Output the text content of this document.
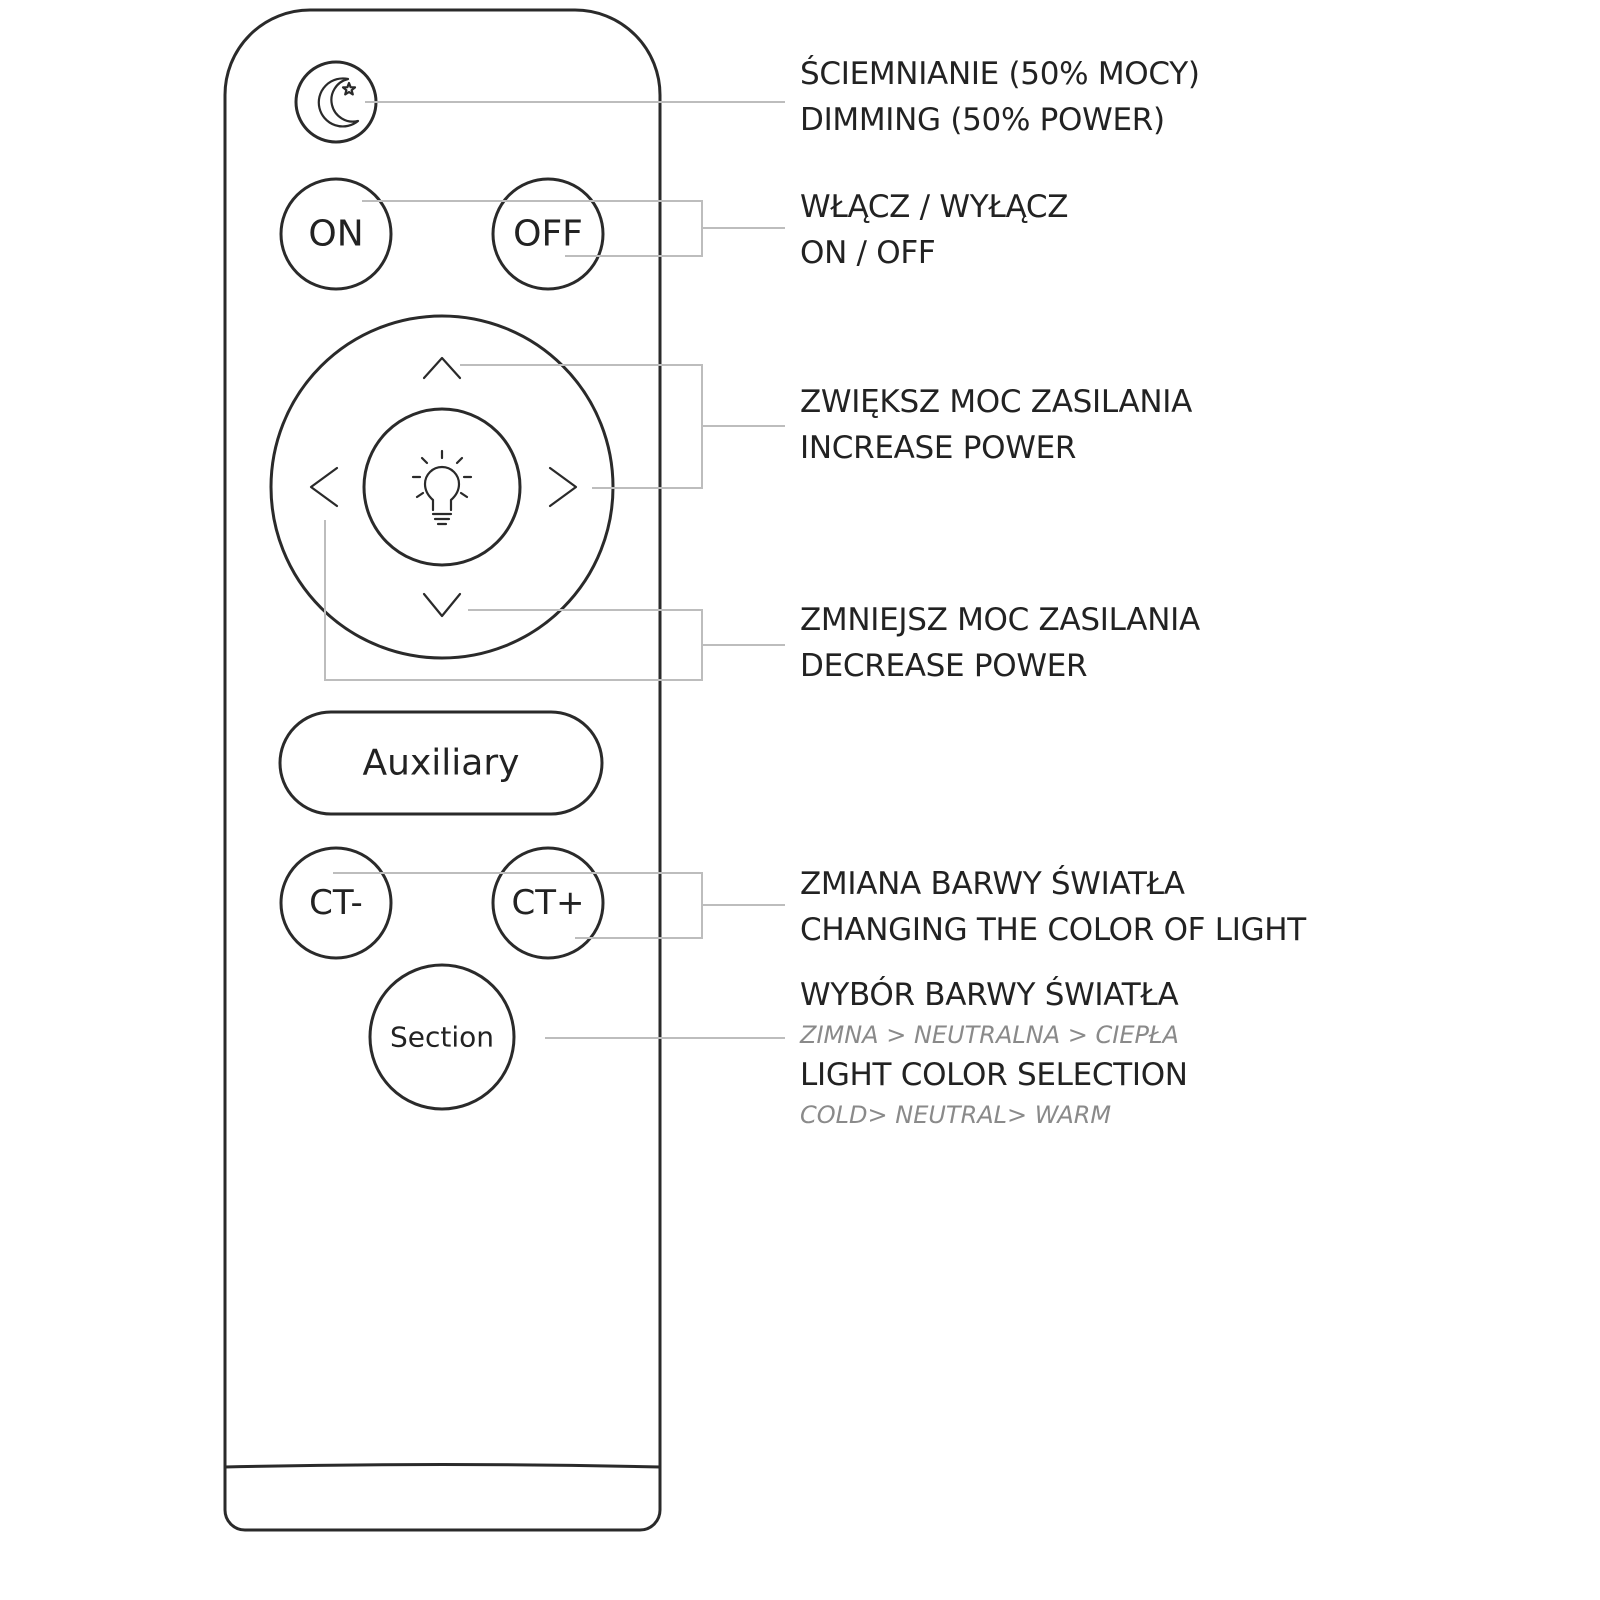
ON	OFF
Auxiliary
CT-	CT+
Section
ŚCIEMNIANIE (50% MOCY)
DIMMING (50% POWER)
WŁĄCZ / WYŁĄCZ
ON / OFF
ZWIĘKSZ MOC ZASILANIA
INCREASE POWER
ZMNIEJSZ MOC ZASILANIA
DECREASE POWER
ZMIANA BARWY ŚWIATŁA
CHANGING THE COLOR OF LIGHT
WYBÓR BARWY ŚWIATŁA
ZIMNA > NEUTRALNA > CIEPŁA
LIGHT COLOR SELECTION
COLD> NEUTRAL> WARM
